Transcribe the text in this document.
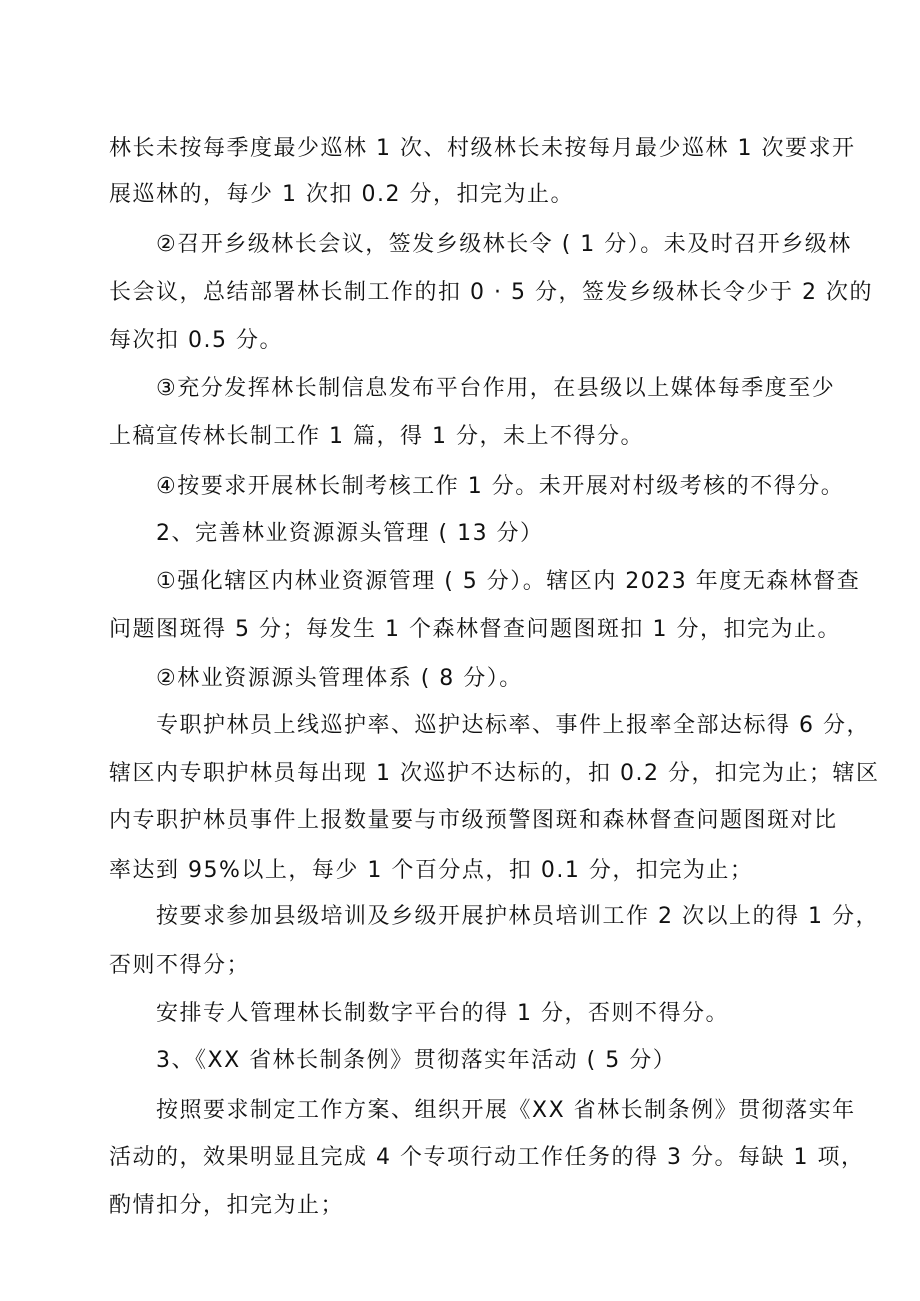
林长未按每季度最少巡林 1 次、村级林长未按每月最少巡林 1 次要求开
展巡林的，每少 1 次扣 0.2 分，扣完为止。
②召开乡级林长会议，签发乡级林长令 ( 1 分）。未及时召开乡级林
长会议，总结部署林长制工作的扣 0 · 5 分，签发乡级林长令少于 2 次的
每次扣 0.5 分。
③充分发挥林长制信息发布平台作用，在县级以上媒体每季度至少
上稿宣传林长制工作 1 篇，得 1 分，未上不得分。
④按要求开展林长制考核工作 1 分。未开展对村级考核的不得分。
2、完善林业资源源头管理 ( 13 分）
①强化辖区内林业资源管理 ( 5 分）。辖区内 2023 年度无森林督查
问题图斑得 5 分；每发生 1 个森林督查问题图斑扣 1 分，扣完为止。
②林业资源源头管理体系 ( 8 分）。
专职护林员上线巡护率、巡护达标率、事件上报率全部达标得 6 分，
辖区内专职护林员每出现 1 次巡护不达标的，扣 0.2 分，扣完为止；辖区
内专职护林员事件上报数量要与市级预警图斑和森林督查问题图斑对比
率达到 95%以上，每少 1 个百分点，扣 0.1 分，扣完为止；
按要求参加县级培训及乡级开展护林员培训工作 2 次以上的得 1 分，
否则不得分；
安排专人管理林长制数字平台的得 1 分，否则不得分。
3、《XX 省林长制条例》贯彻落实年活动 ( 5 分）
按照要求制定工作方案、组织开展《XX 省林长制条例》贯彻落实年
活动的，效果明显且完成 4 个专项行动工作任务的得 3 分。每缺 1 项，
酌情扣分，扣完为止；
